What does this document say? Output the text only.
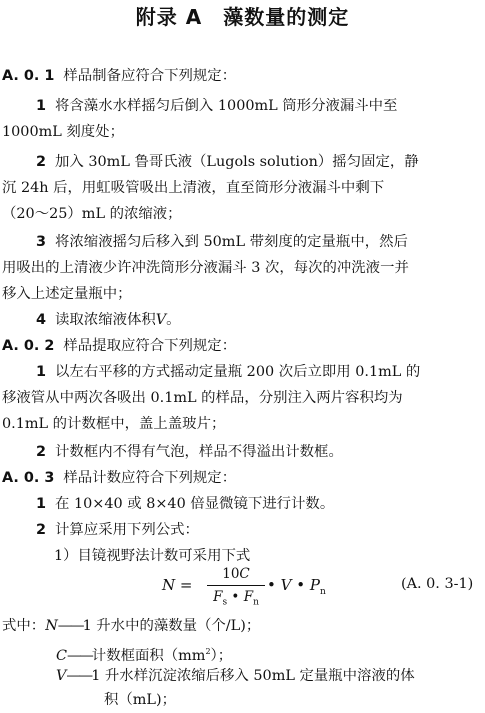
附录 A　藻数量的测定
A. 0. 1 样品制备应符合下列规定：
1 将含藻水水样摇匀后倒入 1000mL 筒形分液漏斗中至
1000mL 刻度处；
2 加入 30mL 鲁哥氏液（Lugols solution）摇匀固定，静
沉 24h 后，用虹吸管吸出上清液，直至筒形分液漏斗中剩下
（20～25）mL 的浓缩液；
3 将浓缩液摇匀后移入到 50mL 带刻度的定量瓶中，然后
用吸出的上清液少许冲洗筒形分液漏斗 3 次，每次的冲洗液一并
移入上述定量瓶中；
4 读取浓缩液体积V。
A. 0. 2 样品提取应符合下列规定：
1 以左右平移的方式摇动定量瓶 200 次后立即用 0.1mL 的
移液管从中两次各吸出 0.1mL 的样品，分别注入两片容积均为
0.1mL 的计数框中，盖上盖玻片；
2 计数框内不得有气泡，样品不得溢出计数框。
A. 0. 3 样品计数应符合下列规定：
1 在 10×40 或 8×40 倍显微镜下进行计数。
2 计算应采用下列公式：
1）目镜视野法计数可采用下式
N =
10C
$F_s$ • $F_n$
• V • $P_n$	(A. 0. 3-1)
式中：N——1 升水中的藻数量（个/L)；
C——计数框面积$(mm^2)$；
V——1 升水样沉淀浓缩后移入 50mL 定量瓶中溶液的体
积（mL)；
